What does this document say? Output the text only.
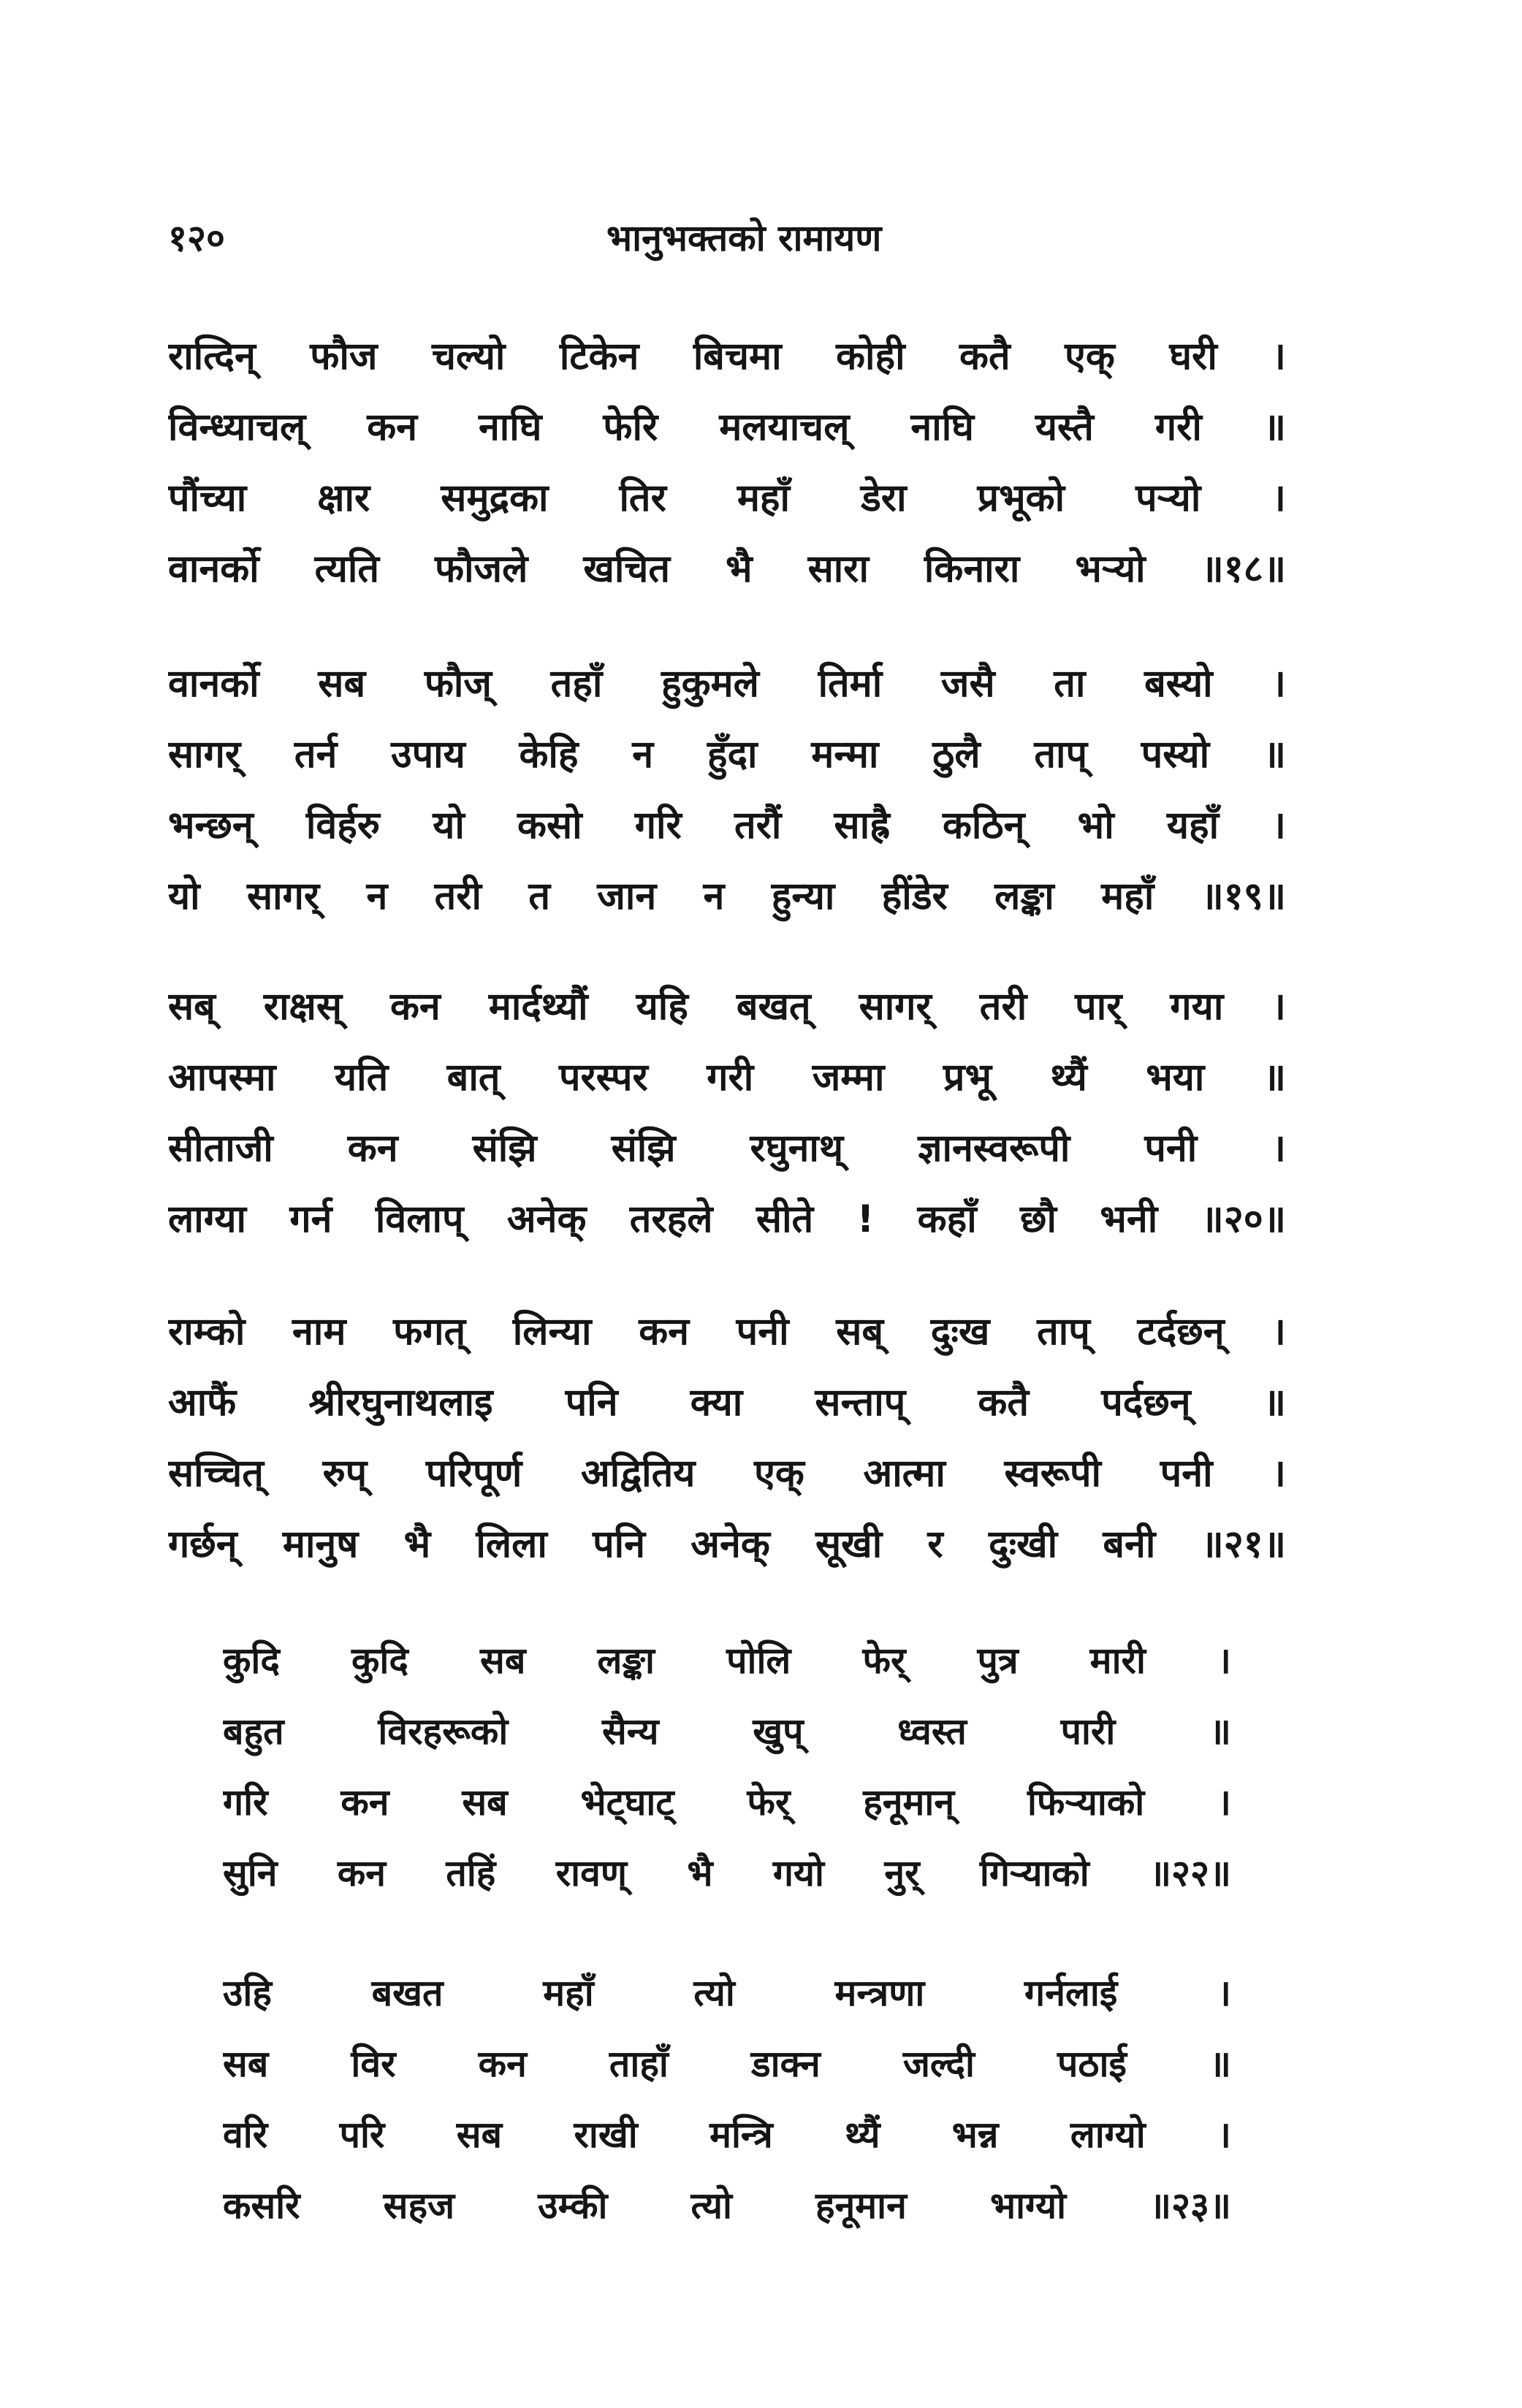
१२०	भानुभक्तको रामायण
रात्दिन् फौज चल्यो टिकेन बिचमा कोही कतै एक् घरी ।
विन्ध्याचल् कन नाघि फेरि मलयाचल् नाघि यस्तै गरी ॥
पौंच्या क्षार समुद्रका तिर महाँ डेरा प्रभूको पऱ्यो ।
वानर्को त्यति फौजले खचित भै सारा किनारा भऱ्यो ॥१८॥
वानर्को सब फौज् तहाँ हुकुमले तिर्मा जसै ता बस्यो ।
सागर् तर्न उपाय केहि न हुँदा मन्मा ठुलै ताप् पस्यो ॥
भन्छन् विर्हरु यो कसो गरि तरौं साह्रै कठिन् भो यहाँ ।
यो सागर् न तरी त जान न हुन्या हींडेर लङ्का महाँ ॥१९॥
सब् राक्षस् कन मार्दथ्यौं यहि बखत् सागर् तरी पार् गया ।
आपस्मा यति बात् परस्पर गरी जम्मा प्रभू थ्यैं भया ॥
सीताजी कन संझि संझि रघुनाथ् ज्ञानस्वरूपी पनी ।
लाग्या गर्न विलाप् अनेक् तरहले सीते ! कहाँ छौ भनी ॥२०॥
राम्को नाम फगत् लिन्या कन पनी सब् दुःख ताप् टर्दछन् ।
आफैं श्रीरघुनाथलाइ पनि क्या सन्ताप् कतै पर्दछन् ॥
सच्चित् रुप् परिपूर्ण अद्वितिय एक् आत्मा स्वरूपी पनी ।
गर्छन् मानुष भै लिला पनि अनेक् सूखी र दुःखी बनी ॥२१॥
कुदि कुदि सब लङ्का पोलि फेर् पुत्र मारी ।
बहुत विरहरूको सैन्य खुप् ध्वस्त पारी ॥
गरि कन सब भेट्घाट् फेर् हनूमान् फिऱ्याको ।
सुनि कन तहिं रावण् भै गयो नुर् गिऱ्याको ॥२२॥
उहि बखत महाँ त्यो मन्त्रणा गर्नलाई ।
सब विर कन ताहाँ डाक्न जल्दी पठाई ॥
वरि परि सब राखी मन्त्रि थ्यैं भन्न लाग्यो ।
कसरि सहज उम्की त्यो हनूमान भाग्यो ॥२३॥
